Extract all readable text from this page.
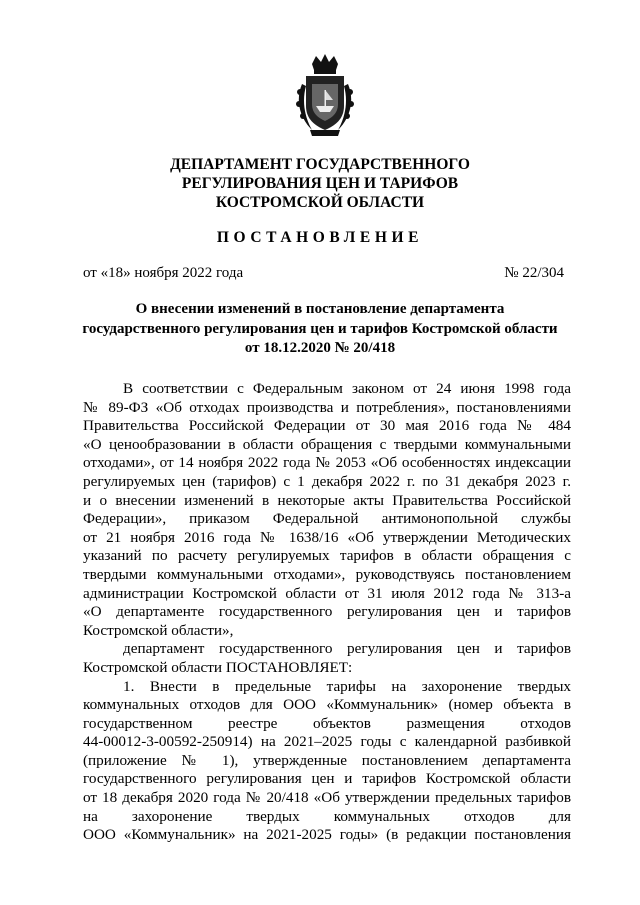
ДЕПАРТАМЕНТ ГОСУДАРСТВЕННОГО
РЕГУЛИРОВАНИЯ ЦЕН И ТАРИФОВ
КОСТРОМСКОЙ ОБЛАСТИ
ПОСТАНОВЛЕНИЕ
от «18» ноября 2022 года	№ 22/304
О внесении изменений в постановление департамента
государственного регулирования цен и тарифов Костромской области
от 18.12.2020 № 20/418
В соответствии с Федеральным законом от 24 июня 1998 года
№ 89-ФЗ «Об отходах производства и потребления», постановлениями
Правительства Российской Федерации от 30 мая 2016 года № 484
«О ценообразовании в области обращения с твердыми коммунальными
отходами», от 14 ноября 2022 года № 2053 «Об особенностях индексации
регулируемых цен (тарифов) с 1 декабря 2022 г. по 31 декабря 2023 г.
и о внесении изменений в некоторые акты Правительства Российской
Федерации», приказом Федеральной антимонопольной службы
от 21 ноября 2016 года № 1638/16 «Об утверждении Методических
указаний по расчету регулируемых тарифов в области обращения с
твердыми коммунальными отходами», руководствуясь постановлением
администрации Костромской области от 31 июля 2012 года № 313-а
«О департаменте государственного регулирования цен и тарифов
Костромской области»,
департамент государственного регулирования цен и тарифов
Костромской области ПОСТАНОВЛЯЕТ:
1. Внести в предельные тарифы на захоронение твердых
коммунальных отходов для ООО «Коммунальник» (номер объекта в
государственном реестре объектов размещения отходов
44-00012-3-00592-250914) на 2021–2025 годы с календарной разбивкой
(приложение № 1), утвержденные постановлением департамента
государственного регулирования цен и тарифов Костромской области
от 18 декабря 2020 года № 20/418 «Об утверждении предельных тарифов
на захоронение твердых коммунальных отходов для
ООО «Коммунальник» на 2021-2025 годы» (в редакции постановления
